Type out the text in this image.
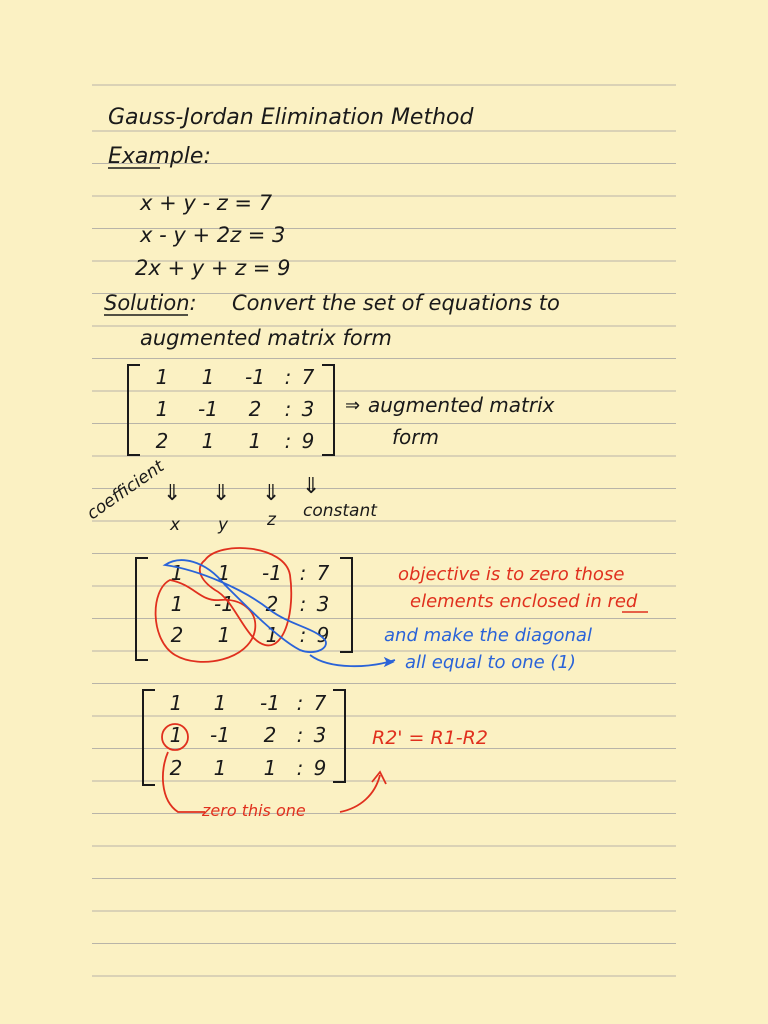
Gauss-Jordan Elimination Method
Example:
x + y - z = 7
x - y + 2z = 3
2x + y + z = 9
Solution: Convert the set of equations to
augmented matrix form
1 1 -1 : 7
1 -1 2 : 3
2 1 1 : 9
⇒ augmented matrix
form
coefficient
⇓ ⇓ ⇓ ⇓
x y z constant
1 1 -1 : 7
1 -1 2 : 3
2 1 1 : 9
➤
objective is to zero those
elements enclosed in red
and make the diagonal
all equal to one (1)
1 1 -1 : 7
1 -1 2 : 3
2 1 1 : 9
R2' = R1-R2
zero this one
